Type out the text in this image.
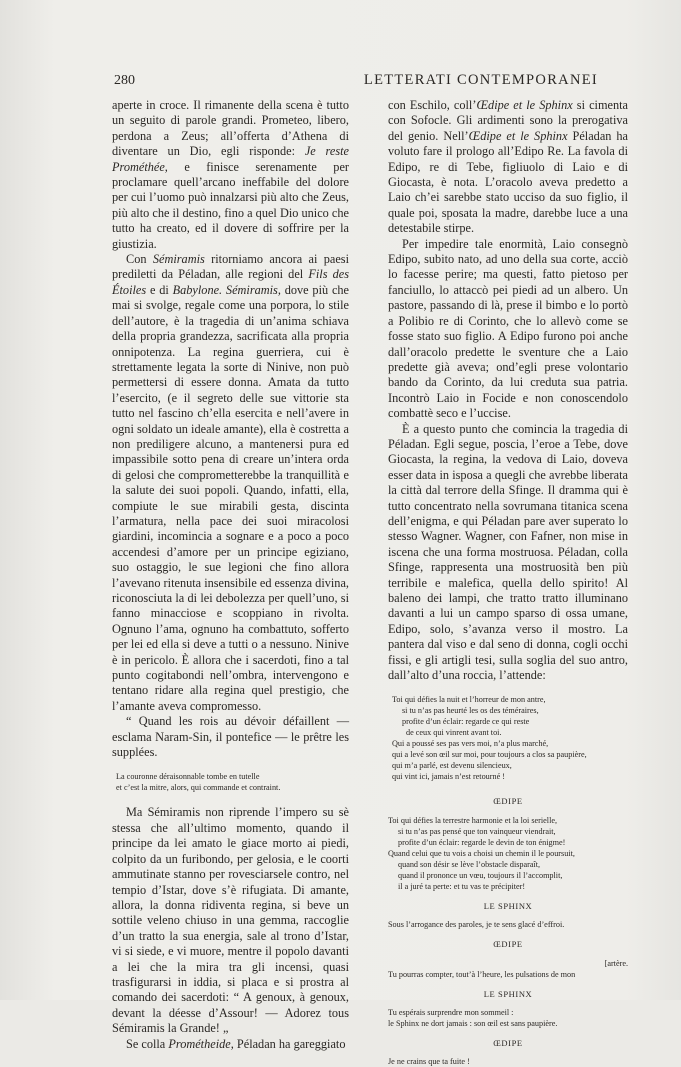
280	LETTERATI CONTEMPORANEI

aperte in croce. Il rimanente della scena è tutto un seguito di parole grandi. Prometeo, libero, perdona a Zeus; all’offerta d’Athena di diventare un Dio, egli risponde: Je reste Prométhée, e finisce serenamente per proclamare quell’arcano ineffabile del dolore per cui l’uomo può innalzarsi più alto che Zeus, più alto che il destino, fino a quel Dio unico che tutto ha creato, ed il dovere di soffrire per la giustizia.

Con Sémiramis ritorniamo ancora ai paesi prediletti da Péladan, alle regioni del Fils des Étoiles e di Babylone. Sémiramis, dove più che mai si svolge, regale come una porpora, lo stile dell’autore, è la tragedia di un’anima schiava della propria grandezza, sacrificata alla propria onnipotenza. La regina guerriera, cui è strettamente legata la sorte di Ninive, non può permettersi di essere donna. Amata da tutto l’esercito, (e il segreto delle sue vittorie sta tutto nel fascino ch’ella esercita e nell’avere in ogni soldato un ideale amante), ella è costretta a non prediligere alcuno, a mantenersi pura ed impassibile sotto pena di creare un’intera orda di gelosi che comprometterebbe la tranquillità e la salute dei suoi popoli. Quando, infatti, ella, compiute le sue mirabili gesta, discinta l’armatura, nella pace dei suoi miracolosi giardini, incomincia a sognare e a poco a poco accendesi d’amore per un principe egiziano, suo ostaggio, le sue legioni che fino allora l’avevano ritenuta insensibile ed essenza divina, riconosciuta la di lei debolezza per quell’uno, si fanno minacciose e scoppiano in rivolta. Ognuno l’ama, ognuno ha combattuto, sofferto per lei ed ella si deve a tutti o a nessuno. Ninive è in pericolo. È allora che i sacerdoti, fino a tal punto cogitabondi nell’ombra, intervengono e tentano ridare alla regina quel prestigio, che l’amante aveva compromesso.

“ Quand les rois au dévoir défaillent — esclama Naram-Sin, il pontefice — le prêtre les supplées.

La couronne déraisonnable tombe en tutelle
et c’est la mitre, alors, qui commande et contraint.

Ma Sémiramis non riprende l’impero su sè stessa che all’ultimo momento, quando il principe da lei amato le giace morto ai piedi, colpito da un furibondo, per gelosia, e le coorti ammutinate stanno per rovesciarsele contro, nel tempio d’Istar, dove s’è rifugiata. Di amante, allora, la donna ridiventa regina, si beve un sottile veleno chiuso in una gemma, raccoglie d’un tratto la sua energia, sale al trono d’Istar, vi si siede, e vi muore, mentre il popolo davanti a lei che la mira tra gli incensi, quasi trasfigurarsi in iddia, si placa e si prostra al comando dei sacerdoti: “ A genoux, à genoux, devant la déesse d’Assour! — Adorez tous Sémiramis la Grande! „

Se colla Prométheide, Péladan ha gareggiato

con Eschilo, coll’Œdipe et le Sphinx si cimenta con Sofocle. Gli ardimenti sono la prerogativa del genio. Nell’Œdipe et le Sphinx Péladan ha voluto fare il prologo all’Edipo Re. La favola di Edipo, re di Tebe, figliuolo di Laio e di Giocasta, è nota. L’oracolo aveva predetto a Laio ch’ei sarebbe stato ucciso da suo figlio, il quale poi, sposata la madre, darebbe luce a una detestabile stirpe.

Per impedire tale enormità, Laio consegnò Edipo, subito nato, ad uno della sua corte, acciò lo facesse perire; ma questi, fatto pietoso per fanciullo, lo attaccò pei piedi ad un albero. Un pastore, passando di là, prese il bimbo e lo portò a Polibio re di Corinto, che lo allevò come se fosse stato suo figlio. A Edipo furono poi anche dall’oracolo predette le sventure che a Laio predette già aveva; ond’egli prese volontario bando da Corinto, da lui creduta sua patria. Incontrò Laio in Focide e non conoscendolo combattè seco e l’uccise.

È a questo punto che comincia la tragedia di Péladan. Egli segue, poscia, l’eroe a Tebe, dove Giocasta, la regina, la vedova di Laio, doveva esser data in isposa a quegli che avrebbe liberata la città dal terrore della Sfinge. Il dramma qui è tutto concentrato nella sovrumana titanica scena dell’enigma, e qui Péladan pare aver superato lo stesso Wagner. Wagner, con Fafner, non mise in iscena che una forma mostruosa. Péladan, colla Sfinge, rappresenta una mostruosità ben più terribile e malefica, quella dello spirito! Al baleno dei lampi, che tratto tratto illuminano davanti a lui un campo sparso di ossa umane, Edipo, solo, s’avanza verso il mostro. La pantera dal viso e dal seno di donna, cogli occhi fissi, e gli artigli tesi, sulla soglia del suo antro, dall’alto d’una roccia, l’attende:

Toi qui défies la nuit et l’horreur de mon antre,
si tu n’as pas heurté les os des téméraires,
profite d’un éclair: regarde ce qui reste
de ceux qui vinrent avant toi.
Qui a poussé ses pas vers moi, n’a plus marché,
qui a levé son œil sur moi, pour toujours a clos sa paupière,
qui m’a parlé, est devenu silencieux,
qui vint ici, jamais n’est retourné !
ŒDIPE
Toi qui défies la terrestre harmonie et la loi serielle,
si tu n’as pas pensé que ton vainqueur viendrait,
profite d’un éclair: regarde le devin de ton énigme!
Quand celui que tu vois a choisi un chemin il le poursuit,
quand son désir se lève l’obstacle disparaît,
quand il prononce un vœu, toujours il l’accomplit,
il a juré ta perte: et tu vas te précipiter!
LE SPHINX
Sous l’arrogance des paroles, je te sens glacé d’effroi.
ŒDIPE
[artère.
Tu pourras compter, tout’à l’heure, les pulsations de mon
LE SPHINX
Tu espérais surprendre mon sommeil :
le Sphinx ne dort jamais : son œil est sans paupière.
ŒDIPE
Je ne crains que ta fuite !
